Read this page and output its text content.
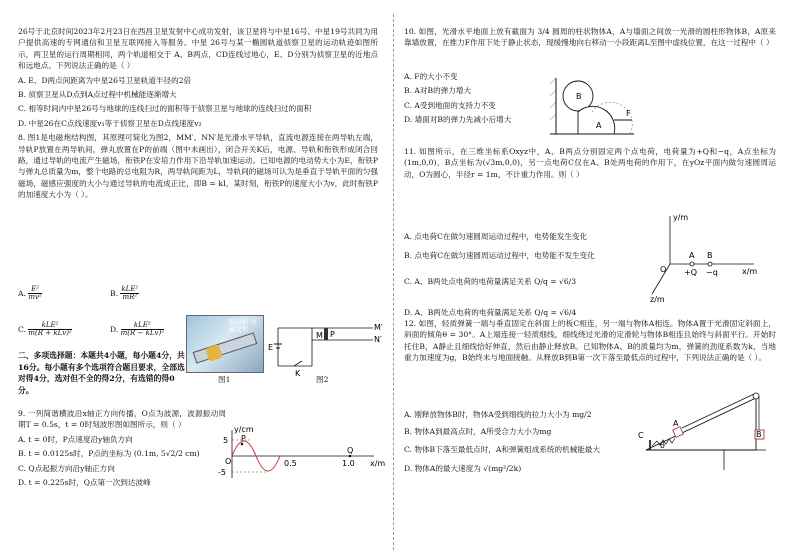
26号于北京时间2023年2月23日在西昌卫星发射中心成功发射，该卫星将与中星16号、中星19号共同为用户提供高速的专网通信和卫星互联网接入等服务。中星 26号与某一椭圆轨道侦察卫星的运动轨迹如图所示，两卫星的运行周期相同，两个轨道相交于 A、B两点，CD连线过地心，E、D分别为侦察卫星的近地点和远地点。下列说法正确的是（ ）

A. E、D两点间距离为中星26号卫星轨道半径的2倍

B. 侦察卫星从D点到A点过程中机械能逐渐增大

C. 相等时间内中星26号与地球的连线扫过的面积等于侦察卫星与地球的连线扫过的面积

D. 中星26在C点线速度v₁等于侦察卫星在D点线速度v₂

8. 图1是电磁炮结构图，其原理可简化为图2，MM′、NN′是光滑水平导轨，直流电源连接在两导轨左端，导轨P放置在两导轨间，弹丸放置在P的前端（图中未画出），闭合开关K后，电源、导轨和衔铁形成闭合回路，通过导轨的电流产生磁场，衔铁P在安培力作用下沿导轨加速运动。已知电源的电动势大小为E，衔铁P与弹丸总质量为m，整个电路的总电阻为R，两导轨间距为L，导轨间的磁场可认为是垂直于导轨平面的匀强磁场，磁感应强度的大小与通过导轨的电流成正比，即B = kI，某时刻，衔铁P的速度大小为v，此时衔铁P的加速度大小为（ ）。

A. $\frac{\text{E²}}{\text{mv²}}$	B. $\frac{\text{kLE²}}{\text{mR²}}$
C. $\frac{\text{kLE²}}{\text{m(R + kLv)²}}$	D. $\frac{\text{kLE²}}{\text{m(R − kLv)²}}$	铜电枢 电磁发射
图1
E
M P
M′
N′
K
图2
二、多项选择题：本题共4小题，每小题4分，共16分。每小题有多个选项符合题目要求，全部选对得4分，选对但不全的得2分，有选错的得0分。

9. 一列简谐横波沿x轴正方向传播，O点为波源，波源振动周期T = 0.5s，t = 0时刻波形图如图所示，则（ ）

A. t = 0时，P点速度沿y轴负方向

B. t = 0.0125s时，P点的坐标为 (0.1m, 5√2/2 cm)

C. Q点起振方向沿y轴正方向

D. t = 0.225s时，Q点第一次到达波峰

y/cm
x/m
P
Q
O
5
-5
0.5	1.0

10. 如图，光滑水平地面上放有截面为 3/4 圆周的柱状物体A，A与墙面之间放一光滑的圆柱形物体B，A原来靠墙放置，在推力F作用下处于静止状态，现缓慢地向右移动一小段距离L至图中虚线位置，在这一过程中（ ）

A. F的大小不变

B. A对B的弹力增大

C. A受到地面的支持力不变

D. 墙面对B的弹力先减小后增大

B
A
F

11. 如图所示，在三维坐标系Oxyz中，A、B两点分别固定两个点电荷，电荷量为+Q和−q，A点坐标为(1m,0,0)，B点坐标为(√3m,0,0)，另一点电荷C仅在A、B处两电荷的作用下，在yOz平面内做匀速圆周运动，O为圆心，半径r = 1m，不计重力作用。则（ ）

A. 点电荷C在做匀速圆周运动过程中，电势能发生变化

B. 点电荷C在做匀速圆周运动过程中，电势能不发生变化

C. A、B两处点电荷的电荷量满足关系 Q/q = √6/3

D. A、B两处点电荷的电荷量满足关系 Q/q = √6/4

y/m
x/m
z/m
O
A B
+Q −q

12. 如图，轻质弹簧一端与垂直固定在斜面上的板C相连，另一端与物体A相连。物体A置于光滑固定斜面上，斜面的倾角θ = 30°。A上端连接一轻质细线，细线绕过光滑的定滑轮与物体B相连且始终与斜面平行。开始时托住B，A静止且细线恰好伸直，然后由静止释放B。已知物体A、B的质量均为m，弹簧的劲度系数为k，当地重力加速度为g，B始终未与地面接触。从释放B到B第一次下落至最低点的过程中，下列说法正确的是（ ）。

A. 刚释放物体B时，物体A受到细线的拉力大小为 mg/2

B. 物体A到最高点时，A所受合力大小为mg

C. 物体B下落至最低点时，A和弹簧组成系统的机械能最大

D. 物体A的最大速度为 √(mg²/2k)

C
A
B
θ
